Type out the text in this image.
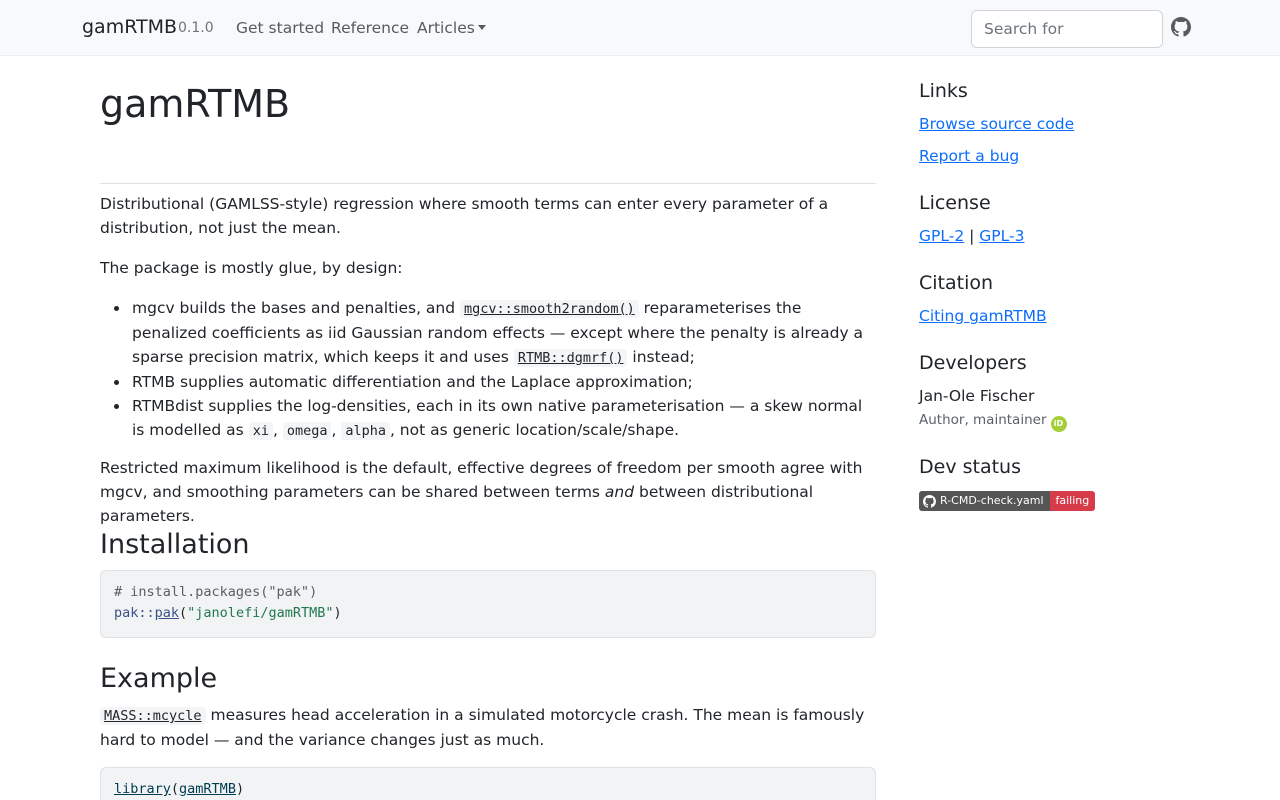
gamRTMB 0.1.0 Get started Reference Articles
Search for
gamRTMB

Distributional (GAMLSS-style) regression where smooth terms can enter every parameter of a distribution, not just the mean.

The package is mostly glue, by design:

mgcv builds the bases and penalties, and mgcv::smooth2random() reparameterises the penalized coefficients as iid Gaussian random effects — except where the penalty is already a sparse precision matrix, which keeps it and uses RTMB::dgmrf() instead;
RTMB supplies automatic differentiation and the Laplace approximation;
RTMBdist supplies the log-densities, each in its own native parameterisation — a skew normal is modelled as xi , omega , alpha , not as generic location/scale/shape.

Restricted maximum likelihood is the default, effective degrees of freedom per smooth agree with mgcv, and smoothing parameters can be shared between terms and between distributional parameters.

Installation
# install.packages("pak")
pak::pak("janolefi/gamRTMB")
Example

MASS::mcycle measures head acceleration in a simulated motorcycle crash. The mean is famously hard to model — and the variance changes just as much.

library(gamRTMB)
Links
Browse source code
Report a bug
License
GPL-2 | GPL-3
Citation
Citing gamRTMB
Developers
Jan-Ole Fischer
Author, maintainer iD
Dev status
R-CMD-check.yaml	failing
